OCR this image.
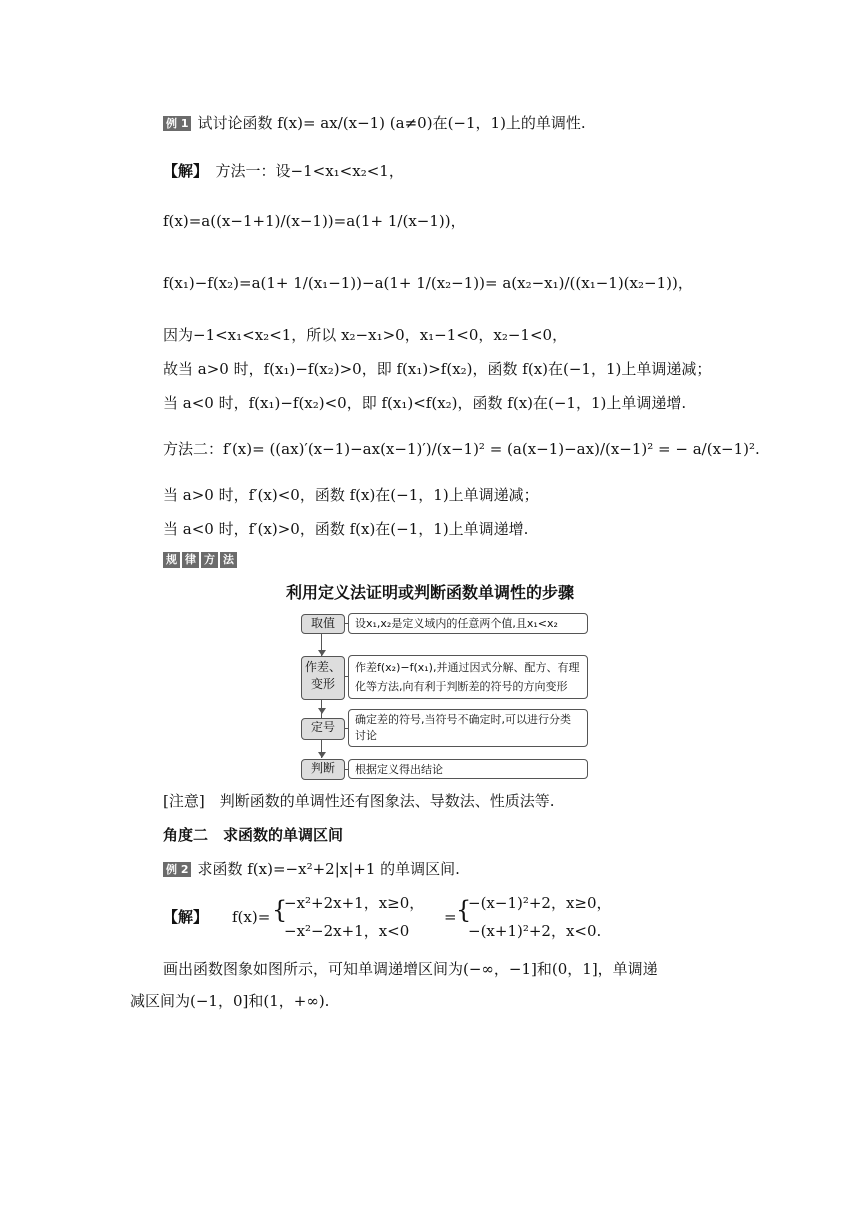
例 1 试讨论函数 f(x)= ax/(x−1) (a≠0)在(−1，1)上的单调性.
【解】　 方法一：设−1<x₁<x₂<1，
f(x)=a((x−1+1)/(x−1))=a(1+ 1/(x−1))，
f(x₁)−f(x₂)=a(1+ 1/(x₁−1))−a(1+ 1/(x₂−1))= a(x₂−x₁)/((x₁−1)(x₂−1))，
因为−1<x₁<x₂<1，所以 x₂−x₁>0，x₁−1<0，x₂−1<0，
故当 a>0 时，f(x₁)−f(x₂)>0，即 f(x₁)>f(x₂)，函数 f(x)在(−1，1)上单调递减；
当 a<0 时，f(x₁)−f(x₂)<0，即 f(x₁)<f(x₂)，函数 f(x)在(−1，1)上单调递增.
方法二：f′(x)= ((ax)′(x−1)−ax(x−1)′)/(x−1)² = (a(x−1)−ax)/(x−1)² = − a/(x−1)².
当 a>0 时，f′(x)<0，函数 f(x)在(−1，1)上单调递减；
当 a<0 时，f′(x)>0，函数 f(x)在(−1，1)上单调递增.
规 律 方 法
利用定义法证明或判断函数单调性的步骤
取值	设x₁,x₂是定义域内的任意两个值,且x₁<x₂
作差、变形
作差f(x₂)−f(x₁),并通过因式分解、配方、有理化等方法,向有利于判断差的符号的方向变形
定号
确定差的符号,当符号不确定时,可以进行分类讨论
判断	根据定义得出结论
[注意]　判断函数的单调性还有图象法、导数法、性质法等.
角度二　求函数的单调区间
例 2 求函数 f(x)=−x²+2|x|+1 的单调区间.
【解】 f(x)= {
−x²+2x+1，x≥0，
−x²−2x+1，x<0
= {
−(x−1)²+2，x≥0，
−(x+1)²+2，x<0.
画出函数图象如图所示，可知单调递增区间为(−∞，−1]和(0，1]，单调递
减区间为(−1，0]和(1，+∞).
